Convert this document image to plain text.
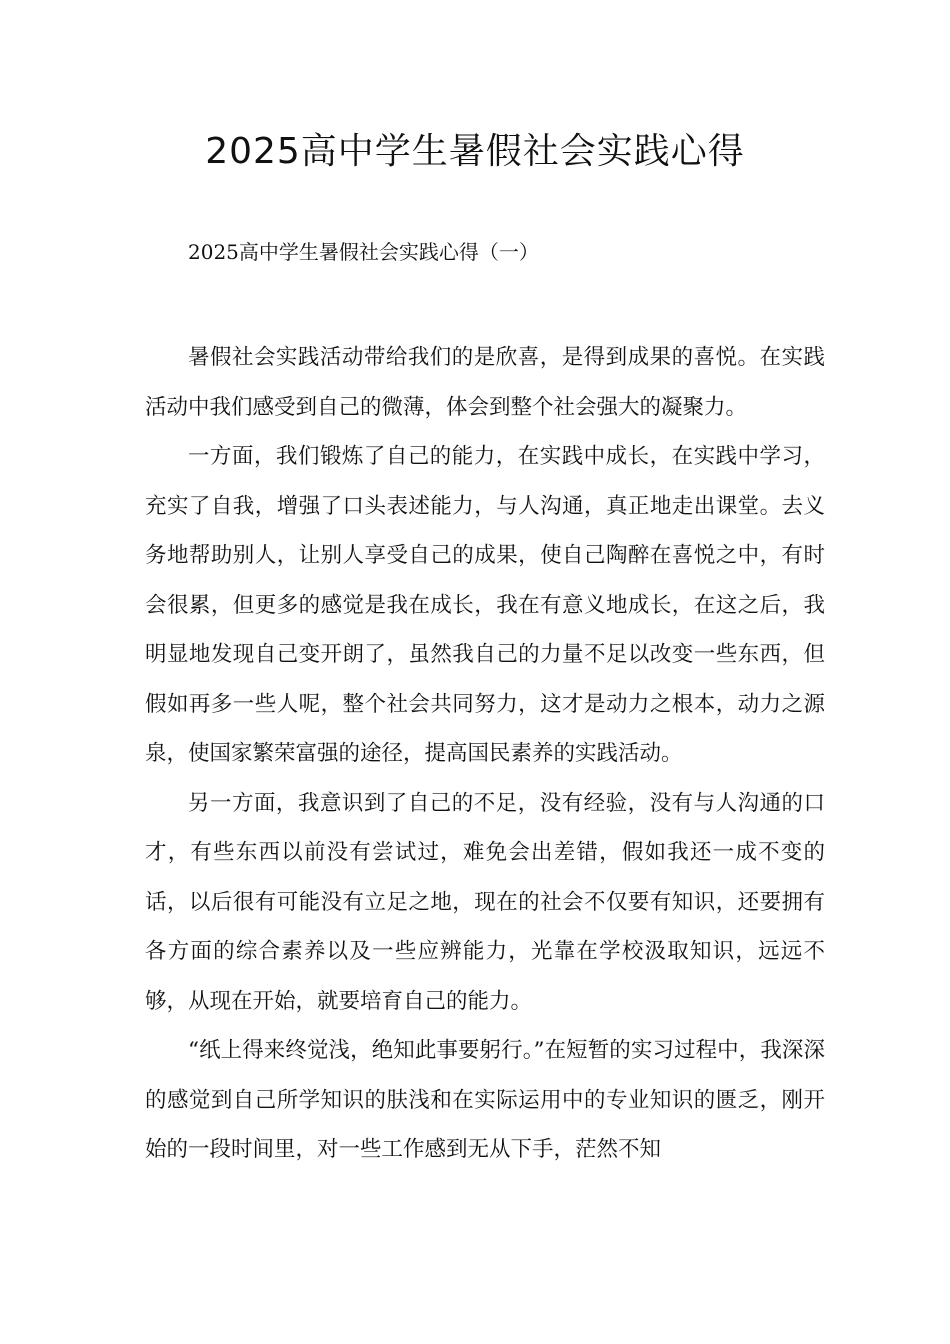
2025高中学生暑假社会实践心得

2025高中学生暑假社会实践心得（一）

暑假社会实践活动带给我们的是欣喜，是得到成果的喜悦。在实践活动中我们感受到自己的微薄，体会到整个社会强大的凝聚力。

一方面，我们锻炼了自己的能力，在实践中成长，在实践中学习，充实了自我，增强了口头表述能力，与人沟通，真正地走出课堂。去义务地帮助别人，让别人享受自己的成果，使自己陶醉在喜悦之中，有时会很累，但更多的感觉是我在成长，我在有意义地成长，在这之后，我明显地发现自己变开朗了，虽然我自己的力量不足以改变一些东西，但假如再多一些人呢，整个社会共同努力，这才是动力之根本，动力之源泉，使国家繁荣富强的途径，提高国民素养的实践活动。

另一方面，我意识到了自己的不足，没有经验，没有与人沟通的口才，有些东西以前没有尝试过，难免会出差错，假如我还一成不变的话，以后很有可能没有立足之地，现在的社会不仅要有知识，还要拥有各方面的综合素养以及一些应辨能力，光靠在学校汲取知识，远远不够，从现在开始，就要培育自己的能力。

“纸上得来终觉浅，绝知此事要躬行。”在短暂的实习过程中，我深深的感觉到自己所学知识的肤浅和在实际运用中的专业知识的匮乏，刚开始的一段时间里，对一些工作感到无从下手，茫然不知
